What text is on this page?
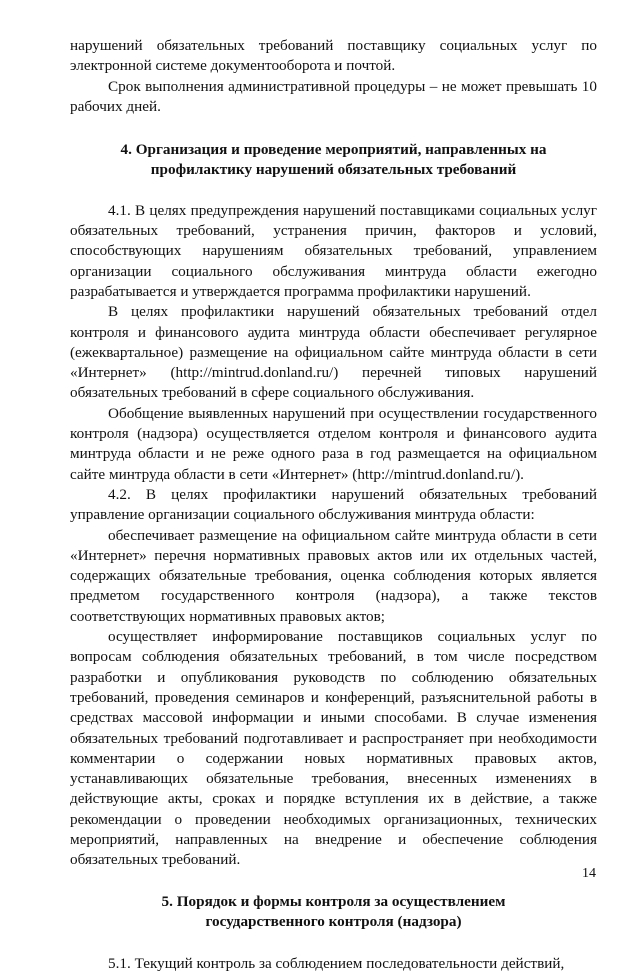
нарушений обязательных требований поставщику социальных услуг по электронной системе документооборота и почтой.

Срок выполнения административной процедуры – не может превышать 10 рабочих дней.

4. Организация и проведение мероприятий, направленных на

профилактику нарушений обязательных требований

4.1. В целях предупреждения нарушений поставщиками социальных услуг обязательных требований, устранения причин, факторов и условий, способствующих нарушениям обязательных требований, управлением организации социального обслуживания минтруда области ежегодно разрабатывается и утверждается программа профилактики нарушений.

В целях профилактики нарушений обязательных требований отдел контроля и финансового аудита минтруда области обеспечивает регулярное (ежеквартальное) размещение на официальном сайте минтруда области в сети «Интернет» (http://mintrud.donland.ru/) перечней типовых нарушений обязательных требований в сфере социального обслуживания.

Обобщение выявленных нарушений при осуществлении государственного контроля (надзора) осуществляется отделом контроля и финансового аудита минтруда области и не реже одного раза в год размещается на официальном сайте минтруда области в сети «Интернет» (http://mintrud.donland.ru/).

4.2. В целях профилактики нарушений обязательных требований управление организации социального обслуживания минтруда области:

обеспечивает размещение на официальном сайте минтруда области в сети «Интернет» перечня нормативных правовых актов или их отдельных частей, содержащих обязательные требования, оценка соблюдения которых является предметом государственного контроля (надзора), а также текстов соответствующих нормативных правовых актов;

осуществляет информирование поставщиков социальных услуг по вопросам соблюдения обязательных требований, в том числе посредством разработки и опубликования руководств по соблюдению обязательных требований, проведения семинаров и конференций, разъяснительной работы в средствах массовой информации и иными способами. В случае изменения обязательных требований подготавливает и распространяет при необходимости комментарии о содержании новых нормативных правовых актов, устанавливающих обязательные требования, внесенных изменениях в действующие акты, сроках и порядке вступления их в действие, а также рекомендации о проведении необходимых организационных, технических мероприятий, направленных на внедрение и обеспечение соблюдения обязательных требований.

5. Порядок и формы контроля за осуществлением

государственного контроля (надзора)

5.1. Текущий контроль за соблюдением последовательности действий,

14
